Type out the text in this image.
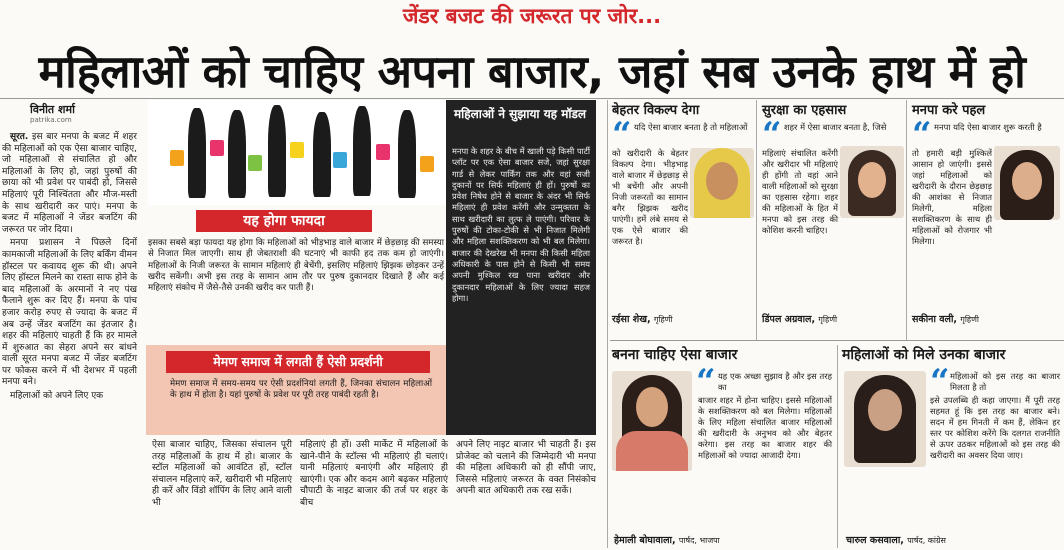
जेंडर बजट की जरूरत पर जोर...
महिलाओं को चाहिए अपना बाजार, जहां सब उनके हाथ में हो
विनीत शर्मा
patrika.com

सूरत. इस बार मनपा के बजट में शहर की महिलाओं को एक ऐसा बाजार चाहिए, जो महिलाओं से संचालित हो और महिलाओं के लिए हो, जहां पुरुषों की छाया को भी प्रवेश पर पाबंदी हो, जिससे महिलाएं पूरी निश्चिंतता और मौज-मस्ती के साथ खरीदारी कर पाएं। मनपा के बजट में महिलाओं ने जेंडर बजटिंग की जरूरत पर जोर दिया।

मनपा प्रशासन ने पिछले दिनों कामकाजी महिलाओं के लिए बर्किंग वीमन हॉस्टल पर कवायद शुरू की थी। अपने लिए हॉस्टल मिलने का रास्ता साफ होने के बाद महिलाओं के अरमानों ने नए पंख फैलाने शुरू कर दिए हैं। मनपा के पांच हजार करोड़ रुपए से ज्यादा के बजट में अब उन्हें जेंडर बजटिंग का इंतजार है। शहर की महिलाएं चाहती हैं कि हर मामले में शुरुआत का सेहरा अपने सर बांधने वाली सूरत मनपा बजट में जेंडर बजटिंग पर फोकस करने में भी देशभर में पहली मनपा बने।

महिलाओं को अपने लिए एक

यह होगा फायदा
इसका सबसे बड़ा फायदा यह होगा कि महिलाओं को भीड़भाड़ वाले बाजार में छेड़छाड़ की समस्या से निजात मिल जाएगी। साथ ही जेबतराशी की घटनाएं भी काफी हद तक कम हो जाएंगी। महिलाओं के निजी जरूरत के सामान महिलाएं ही बेचेंगी, इसलिए महिलाएं झिझक छोड़कर उन्हें खरीद सकेंगी। अभी इस तरह के सामान आम तौर पर पुरुष दुकानदार दिखाते हैं और कई महिलाएं संकोच में जैसे-तैसे उनकी खरीद कर पाती हैं।
मेमण समाज में लगती हैं ऐसी प्रदर्शनी
मेमण समाज में समय-समय पर ऐसी प्रदर्शनियां लगती हैं, जिनका संचालन महिलाओं के हाथ में होता है। यहां पुरुषों के प्रवेश पर पूरी तरह पाबंदी रहती है।
महिलाओं ने सुझाया यह मॉडल
मनपा के शहर के बीच में खाली पड़े किसी पार्टी प्लॉट पर एक ऐसा बाजार सजे, जहां सुरक्षा गार्ड से लेकर पार्किंग तक और वहां सजी दुकानों पर सिर्फ महिलाएं ही हों। पुरुषों का प्रवेश निषेध होने से बाजार के अंदर भी सिर्फ महिलाएं ही प्रवेश करेंगी और उन्मुक्तता के साथ खरीदारी का लुत्फ ले पाएंगी। परिवार के पुरुषों की टोका-टोकी से भी निजात मिलेगी और महिला सशक्तिकरण को भी बल मिलेगा। बाजार की देखरेख भी मनपा की किसी महिला अधिकारी के पास होने से किसी भी समय अपनी मुश्किल रख पाना खरीदार और दुकानदार महिलाओं के लिए ज्यादा सहज होगा।
ऐसा बाजार चाहिए, जिसका संचालन पूरी तरह महिलाओं के हाथ में हो। बाजार के स्टॉल महिलाओं को आवंटित हों, स्टॉल संचालन महिलाएं करें, खरीदारी भी महिलाएं ही करें और विंडो शॉपिंग के लिए आने वाली भी
महिलाएं ही हों। उसी मार्केट में महिलाओं के खाने-पीने के स्टॉल्स भी महिलाएं ही चलाएं। यानी महिलाएं बनाएंगी और महिलाएं ही खाएंगी। एक और कदम आगे बढ़कर महिलाएं चौपाटी के नाइट बाजार की तर्ज पर शहर के बीच
अपने लिए नाइट बाजार भी चाहती हैं। इस प्रोजेक्ट को चलाने की जिम्मेदारी भी मनपा की महिला अधिकारी को ही सौंपी जाए, जिससे महिलाएं जरूरत के वक्त निसंकोच अपनी बात अधिकारी तक रख सकें।
बेहतर विकल्प देगा
“ यदि ऐसा बाजार बनता है तो महिलाओं
को खरीदारी के बेहतर विकल्प देगा। भीड़भाड़ वाले बाजार में छेड़छाड़ से भी बचेंगी और अपनी निजी जरूरतों का सामान बगैर झिझक खरीद पाएंगी। हमें लंबे समय से एक ऐसे बाजार की जरूरत है।
रईसा शेख, गृहिणी
सुरक्षा का एहसास
“ शहर में ऐसा बाजार बनता है, जिसे
महिलाएं संचालित करेंगी और खरीदार भी महिलाएं ही होंगी तो वहां आने वाली महिलाओं को सुरक्षा का एहसास रहेगा। शहर की महिलाओं के हित में मनपा को इस तरह की कोशिश करनी चाहिए।
डिंपल अग्रवाल, गृहिणी
मनपा करे पहल
“ मनपा यदि ऐसा बाजार शुरू करती है
तो हमारी बड़ी मुश्किलें आसान हो जाएंगी। इससे जहां महिलाओं को खरीदारी के दौरान छेड़छाड़ की आशंका से निजात मिलेगी, महिला सशक्तिकरण के साथ ही महिलाओं को रोजगार भी मिलेगा।
सकीना वली, गृहिणी
बनना चाहिए ऐसा बाजार
“ यह एक अच्छा सुझाव है और इस तरह का
बाजार शहर में होना चाहिए। इससे महिलाओं के सशक्तिकरण को बल मिलेगा। महिलाओं के लिए महिला संचालित बाजार महिलाओं की खरीदारी के अनुभव को और बेहतर करेगा। इस तरह का बाजार शहर की महिलाओं को ज्यादा आजादी देगा।
हेमाली बोघावाला, पार्षद, भाजपा
महिलाओं को मिले उनका बाजार
“ महिलाओं को इस तरह का बाजार मिलता है तो
इसे उपलब्धि ही कहा जाएगा। मैं पूरी तरह सहमत हूं कि इस तरह का बाजार बने। सदन में हम गिनती में कम हैं, लेकिन हर स्तर पर कोशिश करेंगे कि दलगत राजनीति से ऊपर उठकर महिलाओं को इस तरह की खरीदारी का अवसर दिया जाए।
चारुल कसवाला, पार्षद, कांग्रेस
